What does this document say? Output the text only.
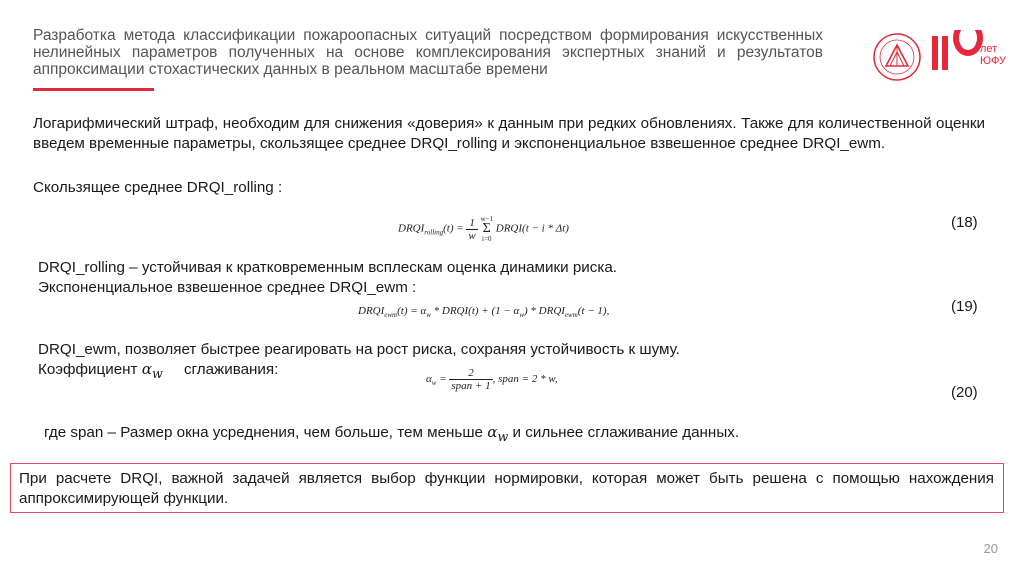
Разработка метода классификации пожароопасных ситуаций посредством формирования искусственных нелинейных параметров полученных на основе комплексирования экспертных знаний и результатов аппроксимации стохастических данных в реальном масштабе времени
лет
ЮФУ
Логарифмический штраф, необходим для снижения «доверия» к данным при редких обновлениях. Также для количественной оценки введем временные параметры, скользящее среднее DRQI_rolling и экспоненциальное взвешенное среднее DRQI_ewm.
Скользящее среднее DRQI_rolling :
$DRQI_{rolling}(t) = \frac{1}{w}$
w−1
Σ
i=0
DRQI(t − i * Δt)	(18)
DRQI_rolling – устойчивая к кратковременным всплескам оценка динамики риска.
Экспоненциальное взвешенное среднее DRQI_ewm :
$DRQI_{ewm}(t) = \alpha_w$ * DRQI(t) + $(1 - \alpha_w)$ * $DRQI_{ewm}(t - 1)$,	(19)
DRQI_ewm, позволяет быстрее реагировать на рост риска, сохраняя устойчивость к шуму.
Коэффициент $\alpha_w$ сглаживания:
$\alpha_w = \frac{2}{\text{span + 1}}$ , span = 2 * w,
(20)
где span – Размер окна усреднения, чем больше, тем меньше $\alpha_w$ и сильнее сглаживание данных.
При расчете DRQI, важной задачей является выбор функции нормировки, которая может быть решена с помощью нахождения аппроксимирующей функции.
20
